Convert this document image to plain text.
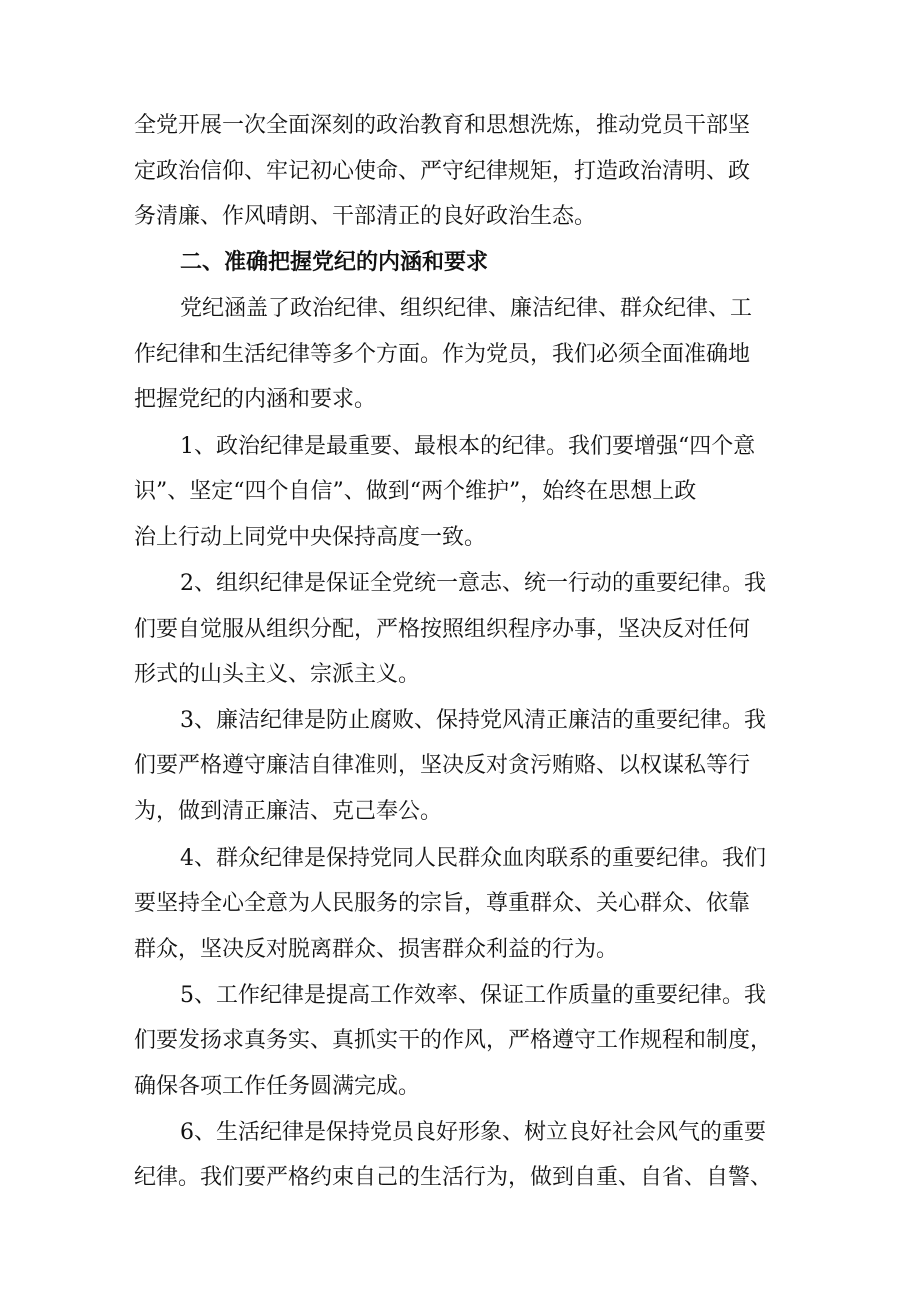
全党开展一次全面深刻的政治教育和思想洗炼，推动党员干部坚
定政治信仰、牢记初心使命、严守纪律规矩，打造政治清明、政
务清廉、作风晴朗、干部清正的良好政治生态。
二、准确把握党纪的内涵和要求
党纪涵盖了政治纪律、组织纪律、廉洁纪律、群众纪律、工
作纪律和生活纪律等多个方面。作为党员，我们必须全面准确地
把握党纪的内涵和要求。
1、政治纪律是最重要、最根本的纪律。我们要增强“四个意
识”、坚定“四个自信”、做到“两个维护”，始终在思想上政
治上行动上同党中央保持高度一致。
2、组织纪律是保证全党统一意志、统一行动的重要纪律。我
们要自觉服从组织分配，严格按照组织程序办事，坚决反对任何
形式的山头主义、宗派主义。
3、廉洁纪律是防止腐败、保持党风清正廉洁的重要纪律。我
们要严格遵守廉洁自律准则，坚决反对贪污贿赂、以权谋私等行
为，做到清正廉洁、克己奉公。
4、群众纪律是保持党同人民群众血肉联系的重要纪律。我们
要坚持全心全意为人民服务的宗旨，尊重群众、关心群众、依靠
群众，坚决反对脱离群众、损害群众利益的行为。
5、工作纪律是提高工作效率、保证工作质量的重要纪律。我
们要发扬求真务实、真抓实干的作风，严格遵守工作规程和制度，
确保各项工作任务圆满完成。
6、生活纪律是保持党员良好形象、树立良好社会风气的重要
纪律。我们要严格约束自己的生活行为，做到自重、自省、自警、
